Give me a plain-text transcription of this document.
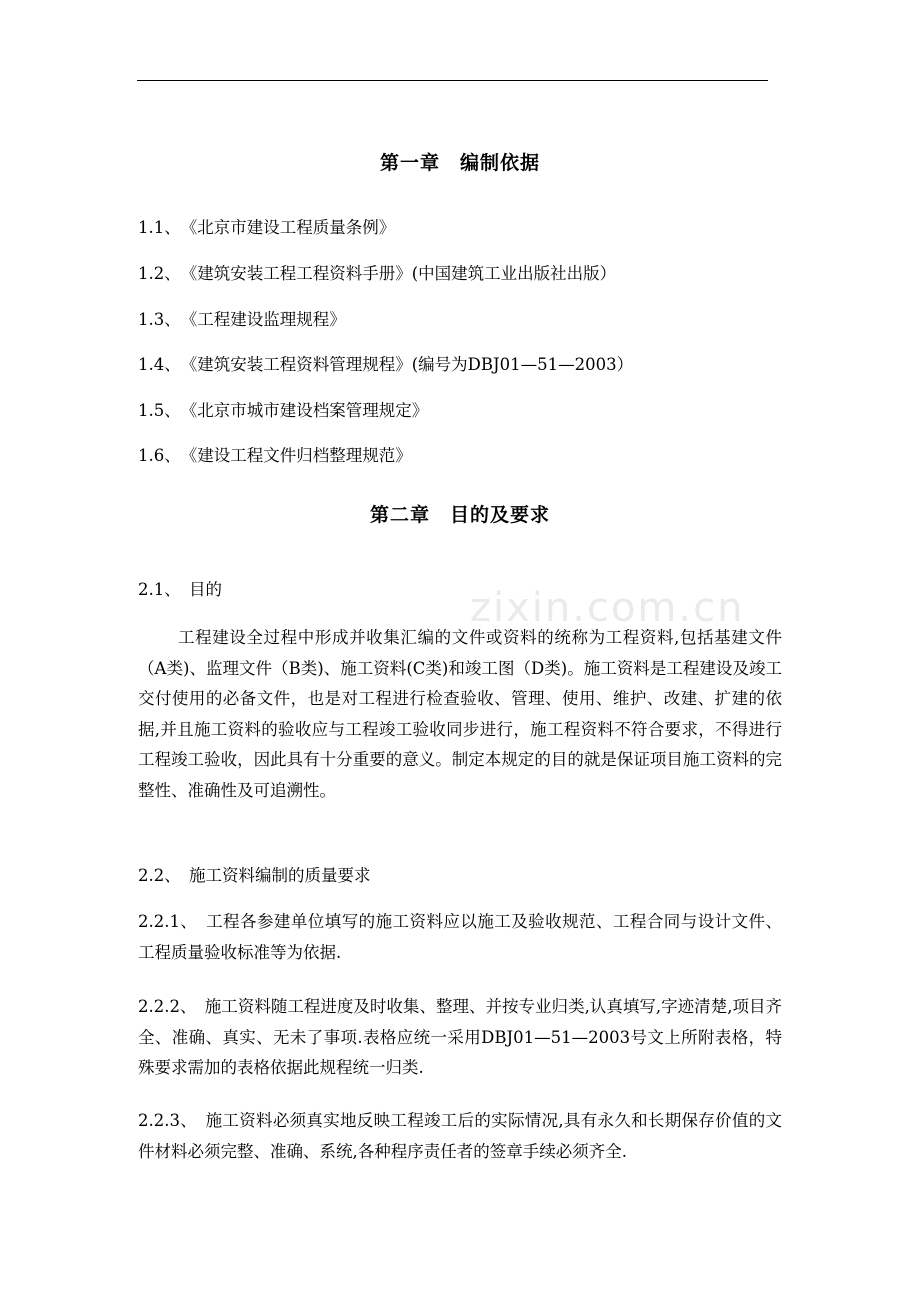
第一章　编制依据
1.1、　《北京市建设工程质量条例》
1.2、　《建筑安装工程工程资料手册》(中国建筑工业出版社出版）
1.3、　《工程建设监理规程》
1.4、　《建筑安装工程资料管理规程》(编号为DBJ01—51—2003）
1.5、　《北京市城市建设档案管理规定》
1.6、　《建设工程文件归档整理规范》
第二章　目的及要求
2.1、　目的
工程建设全过程中形成并收集汇编的文件或资料的统称为工程资料,包括基建文件（A类)、监理文件（B类)、施工资料(C类)和竣工图（D类)。施工资料是工程建设及竣工交付使用的必备文件，也是对工程进行检查验收、管理、使用、维护、改建、扩建的依据,并且施工资料的验收应与工程竣工验收同步进行，施工程资料不符合要求，不得进行工程竣工验收，因此具有十分重要的意义。制定本规定的目的就是保证项目施工资料的完整性、准确性及可追溯性。
2.2、　施工资料编制的质量要求
2.2.1、　工程各参建单位填写的施工资料应以施工及验收规范、工程合同与设计文件、工程质量验收标准等为依据.
2.2.2、　施工资料随工程进度及时收集、整理、并按专业归类,认真填写,字迹清楚,项目齐全、准确、真实、无未了事项.表格应统一采用DBJ01—51—2003号文上所附表格，特殊要求需加的表格依据此规程统一归类.
2.2.3、　施工资料必须真实地反映工程竣工后的实际情况,具有永久和长期保存价值的文件材料必须完整、准确、系统,各种程序责任者的签章手续必须齐全.
zixin.com.cn
